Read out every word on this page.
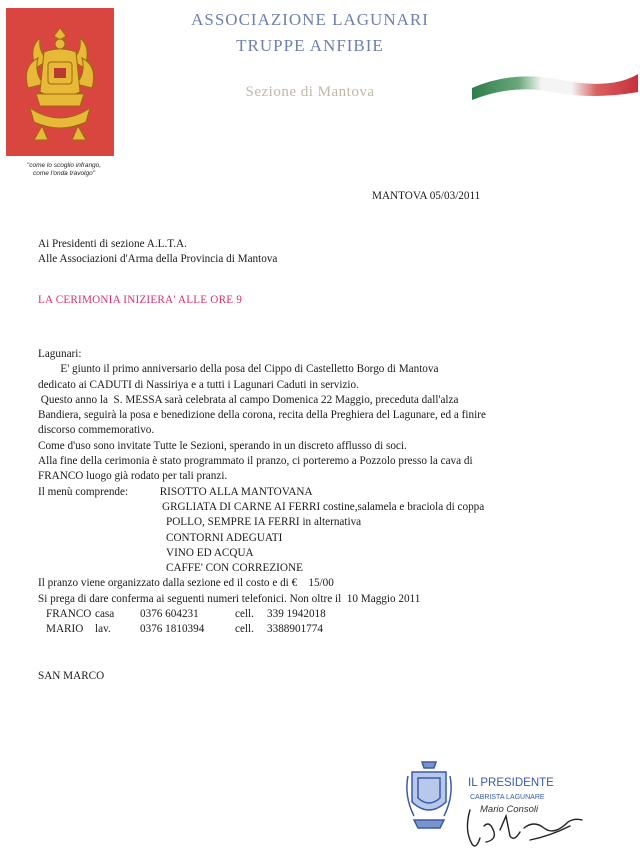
"come lo scoglio infrango,
come l'onda travolgo"
ASSOCIAZIONE LAGUNARI
TRUPPE ANFIBIE
Sezione di Mantova
MANTOVA 05/03/2011
Ai Presidenti di sezione A.L.T.A.
Alle Associazioni d'Arma della Provincia di Mantova
LA CERIMONIA INIZIERA' ALLE ORE 9
Lagunari:
E' giunto il primo anniversario della posa del Cippo di Castelletto Borgo di Mantova
dedicato ai CADUTI di Nassiriya e a tutti i Lagunari Caduti in servizio.
Questo anno la  S. MESSA sarà celebrata al campo Domenica 22 Maggio, preceduta dall'alza
Bandiera, seguirà la posa e benedizione della corona, recita della Preghiera del Lagunare, ed a finire
discorso commemorativo.
Come d'uso sono invitate Tutte le Sezioni, sperando in un discreto afflusso di soci.
Alla fine della cerimonia è stato programmato il pranzo, ci porteremo a Pozzolo presso la cava di
FRANCO luogo già rodato per tali pranzi.
Il menù comprende:	RISOTTO ALLA MANTOVANA
GRGLIATA DI CARNE AI FERRI costine,salamela e braciola di coppa
POLLO, SEMPRE IA FERRI in alternativa
CONTORNI ADEGUATI
VINO ED ACQUA
CAFFE' CON CORREZIONE
Il pranzo viene organizzato dalla sezione ed il costo e di €    15/00
Si prega di dare conferma ai seguenti numeri telefonici. Non oltre il  10 Maggio 2011
FRANCO casa	0376 604231	cell.	339 1942018
MARIO	lav.	0376 1810394	cell.	3388901774
SAN MARCO
IL PRESIDENTE
CABRISTA LAGUNARE
Mario Consoli
